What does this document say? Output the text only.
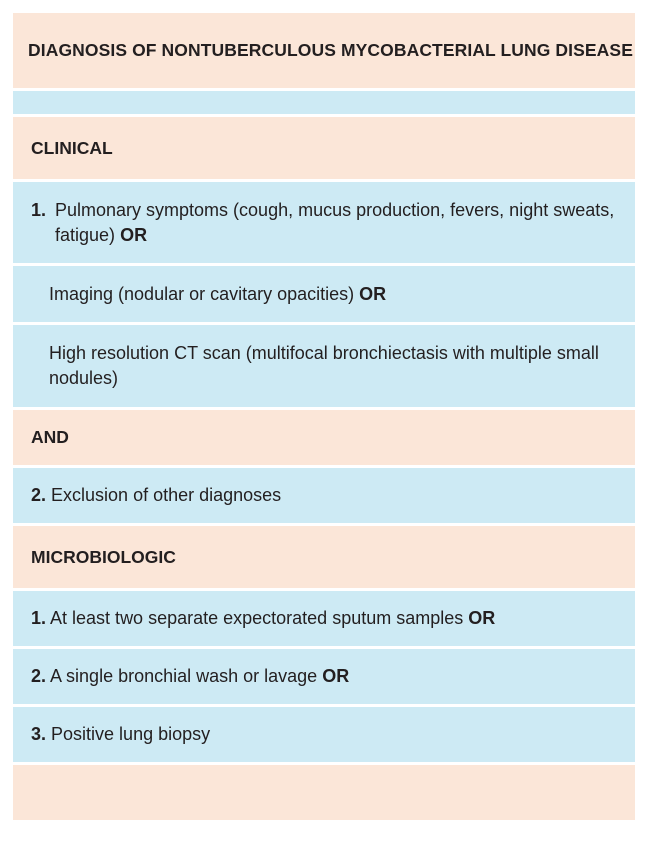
DIAGNOSIS OF NONTUBERCULOUS MYCOBACTERIAL LUNG DISEASE
CLINICAL
1. Pulmonary symptoms (cough, mucus production, fevers, night sweats, fatigue) OR
Imaging (nodular or cavitary opacities) OR
High resolution CT scan (multifocal bronchiectasis with multiple small nodules)
AND
2. Exclusion of other diagnoses
MICROBIOLOGIC
1. At least two separate expectorated sputum samples OR
2. A single bronchial wash or lavage OR
3. Positive lung biopsy
